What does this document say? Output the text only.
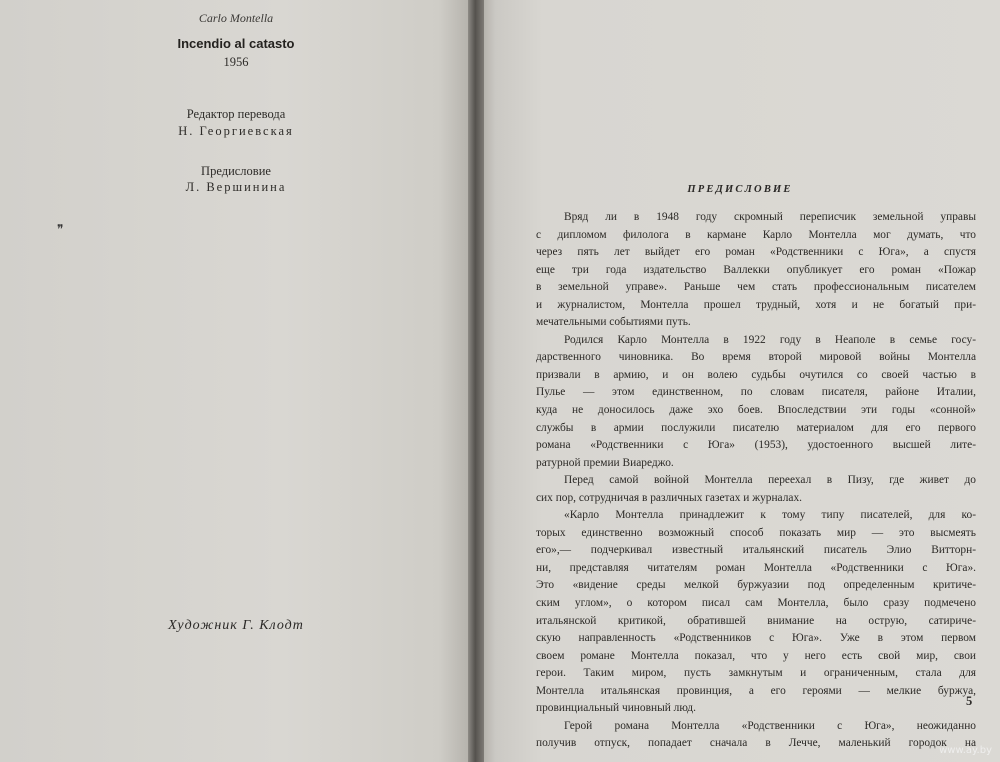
Carlo Montella
Incendio al catasto
1956
Редактор перевода
Н. Георгиевская
Предисловие
Л. Вершинина
❞
Художник Г. Клодт
ПРЕДИСЛОВИЕ
Вряд ли в 1948 году скромный переписчик земельной управы
с дипломом филолога в кармане Карло Монтелла мог думать, что
через пять лет выйдет его роман «Родственники с Юга», а спустя
еще три года издательство Валлекки опубликует его роман «Пожар
в земельной управе». Раньше чем стать профессиональным писателем
и журналистом, Монтелла прошел трудный, хотя и не богатый при-
мечательными событиями путь.
Родился Карло Монтелла в 1922 году в Неаполе в семье госу-
дарственного чиновника. Во время второй мировой войны Монтелла
призвали в армию, и он волею судьбы очутился со своей частью в
Пулье — этом единственном, по словам писателя, районе Италии,
куда не доносилось даже эхо боев. Впоследствии эти годы «сонной»
службы в армии послужили писателю материалом для его первого
романа «Родственники с Юга» (1953), удостоенного высшей лите-
ратурной премии Виареджо.
Перед самой войной Монтелла переехал в Пизу, где живет до
сих пор, сотрудничая в различных газетах и журналах.
«Карло Монтелла принадлежит к тому типу писателей, для ко-
торых единственно возможный способ показать мир — это высмеять
его»,— подчеркивал известный итальянский писатель Элио Витторн-
ни, представляя читателям роман Монтелла «Родственники с Юга».
Это «видение среды мелкой буржуазии под определенным критиче-
ским углом», о котором писал сам Монтелла, было сразу подмечено
итальянской критикой, обратившей внимание на острую, сатириче-
скую направленность «Родственников с Юга». Уже в этом первом
своем романе Монтелла показал, что у него есть свой мир, свои
герои. Таким миром, пусть замкнутым и ограниченным, стала для
Монтелла итальянская провинция, а его героями — мелкие буржуа,
провинциальный чиновный люд.
Герой романа Монтелла «Родственники с Юга», неожиданно
получив отпуск, попадает сначала в Лечче, маленький городок на
5
www.ay.by
